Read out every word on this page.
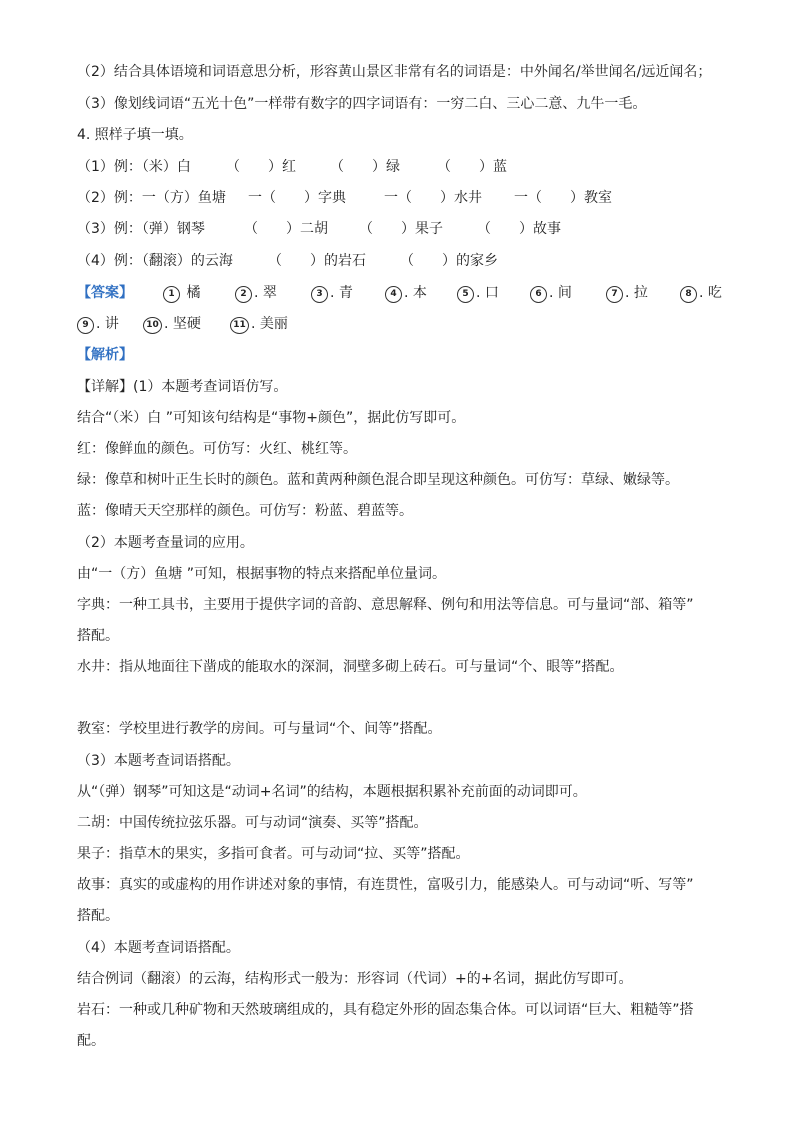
（2）结合具体语境和词语意思分析，形容黄山景区非常有名的词语是：中外闻名/举世闻名/远近闻名；
（3）像划线词语“五光十色”一样带有数字的四字词语有：一穷二白、三心二意、九牛一毛。
4. 照样子填一填。
（1）例：（米）白	（　　）红 （　　）绿	（　　）蓝
（2）例：一（方）鱼塘 一（　　）字典	一（　　）水井 一（　　）教室
（3）例：（弹）钢琴	（　　）二胡 （　　）果子 （　　）故事
（4）例：（翻滚）的云海	（　　）的岩石 （　　）的家乡
【答案】	1 橘	2 . 翠	3 . 青	4 . 本	5 . 口	6 . 间	7 . 拉	8 . 吃
9 . 讲	10 . 坚硬	11 . 美丽
【解析】
【详解】(1）本题考查词语仿写。
结合“（米）白 ”可知该句结构是“事物+颜色”，据此仿写即可。
红：像鲜血的颜色。可仿写：火红、桃红等。
绿：像草和树叶正生长时的颜色。蓝和黄两种颜色混合即呈现这种颜色。可仿写：草绿、嫩绿等。
蓝：像晴天天空那样的颜色。可仿写：粉蓝、碧蓝等。
（2）本题考查量词的应用。
由“一（方）鱼塘 ”可知，根据事物的特点来搭配单位量词。
字典：一种工具书，主要用于提供字词的音韵、意思解释、例句和用法等信息。可与量词“部、箱等”
搭配。
水井：指从地面往下凿成的能取水的深洞，洞壁多砌上砖石。可与量词“个、眼等”搭配。
教室：学校里进行教学的房间。可与量词“个、间等”搭配。
（3）本题考查词语搭配。
从“（弹）钢琴”可知这是“动词+名词”的结构，本题根据积累补充前面的动词即可。
二胡：中国传统拉弦乐器。可与动词“演奏、买等”搭配。
果子：指草木的果实，多指可食者。可与动词“拉、买等”搭配。
故事：真实的或虚构的用作讲述对象的事情，有连贯性，富吸引力，能感染人。可与动词“听、写等”
搭配。
（4）本题考查词语搭配。
结合例词（翻滚）的云海，结构形式一般为：形容词（代词）+的+名词，据此仿写即可。
岩石：一种或几种矿物和天然玻璃组成的，具有稳定外形的固态集合体。可以词语“巨大、粗糙等”搭
配。
